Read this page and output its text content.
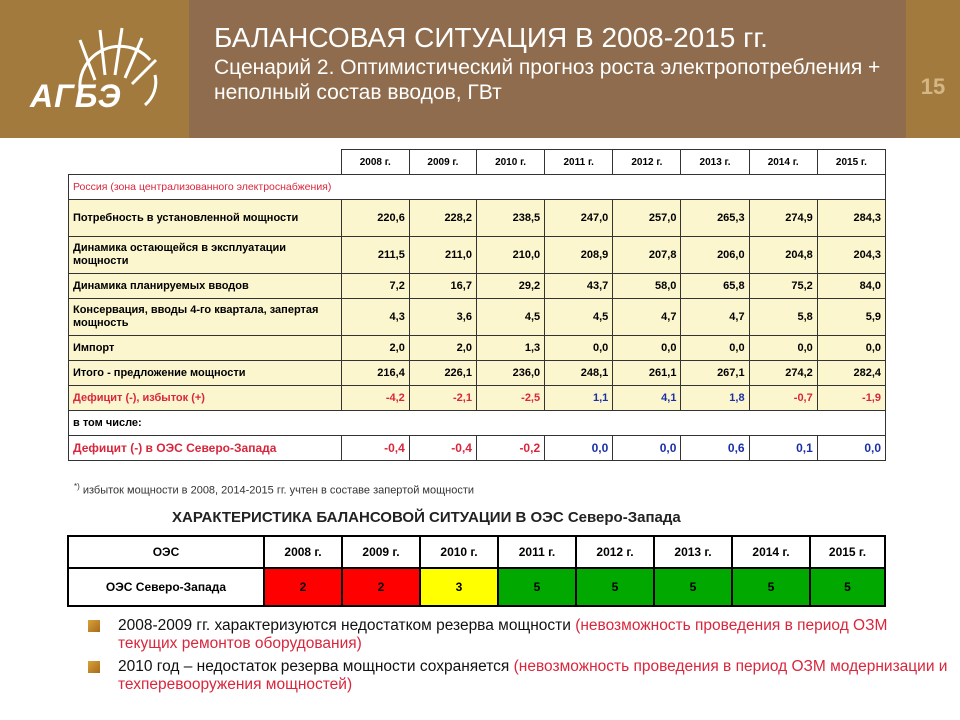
АГБЭ
БАЛАНСОВАЯ СИТУАЦИЯ В 2008-2015 гг.
Сценарий 2. Оптимистический прогноз роста электропотребления + неполный состав вводов, ГВт	15
	2008 г.	2009 г.	2010 г.	2011 г.	2012 г.	2013 г.	2014 г.	2015 г.
Россия (зона централизованного электроснабжения)								
Потребность в установленной мощности	220,6	228,2	238,5	247,0	257,0	265,3	274,9	284,3
Динамика остающейся в эксплуатации мощности	211,5	211,0	210,0	208,9	207,8	206,0	204,8	204,3
Динамика планируемых вводов	7,2	16,7	29,2	43,7	58,0	65,8	75,2	84,0
Консервация, вводы 4-го квартала, запертая мощность	4,3	3,6	4,5	4,5	4,7	4,7	5,8	5,9
Импорт	2,0	2,0	1,3	0,0	0,0	0,0	0,0	0,0
Итого - предложение мощности	216,4	226,1	236,0	248,1	261,1	267,1	274,2	282,4
Дефицит (-), избыток (+)	-4,2	-2,1	-2,5	1,1	4,1	1,8	-0,7	-1,9
в том числе:								
Дефицит (-) в ОЭС Северо-Запада	-0,4	-0,4	-0,2	0,0	0,0	0,6	0,1	0,0
*) избыток мощности в 2008, 2014-2015 гг. учтен в составе запертой мощности
ХАРАКТЕРИСТИКА БАЛАНСОВОЙ СИТУАЦИИ В ОЭС Северо-Запада
ОЭС	2008 г.	2009 г.	2010 г.	2011 г.	2012 г.	2013 г.	2014 г.	2015 г.
ОЭС Северо-Запада	2	2	3	5	5	5	5	5
2008-2009 гг. характеризуются недостатком резерва мощности (невозможность проведения в период ОЗМ текущих ремонтов оборудования)
2010 год – недостаток резерва мощности сохраняется (невозможность проведения в период ОЗМ модернизации и техперевооружения мощностей)
